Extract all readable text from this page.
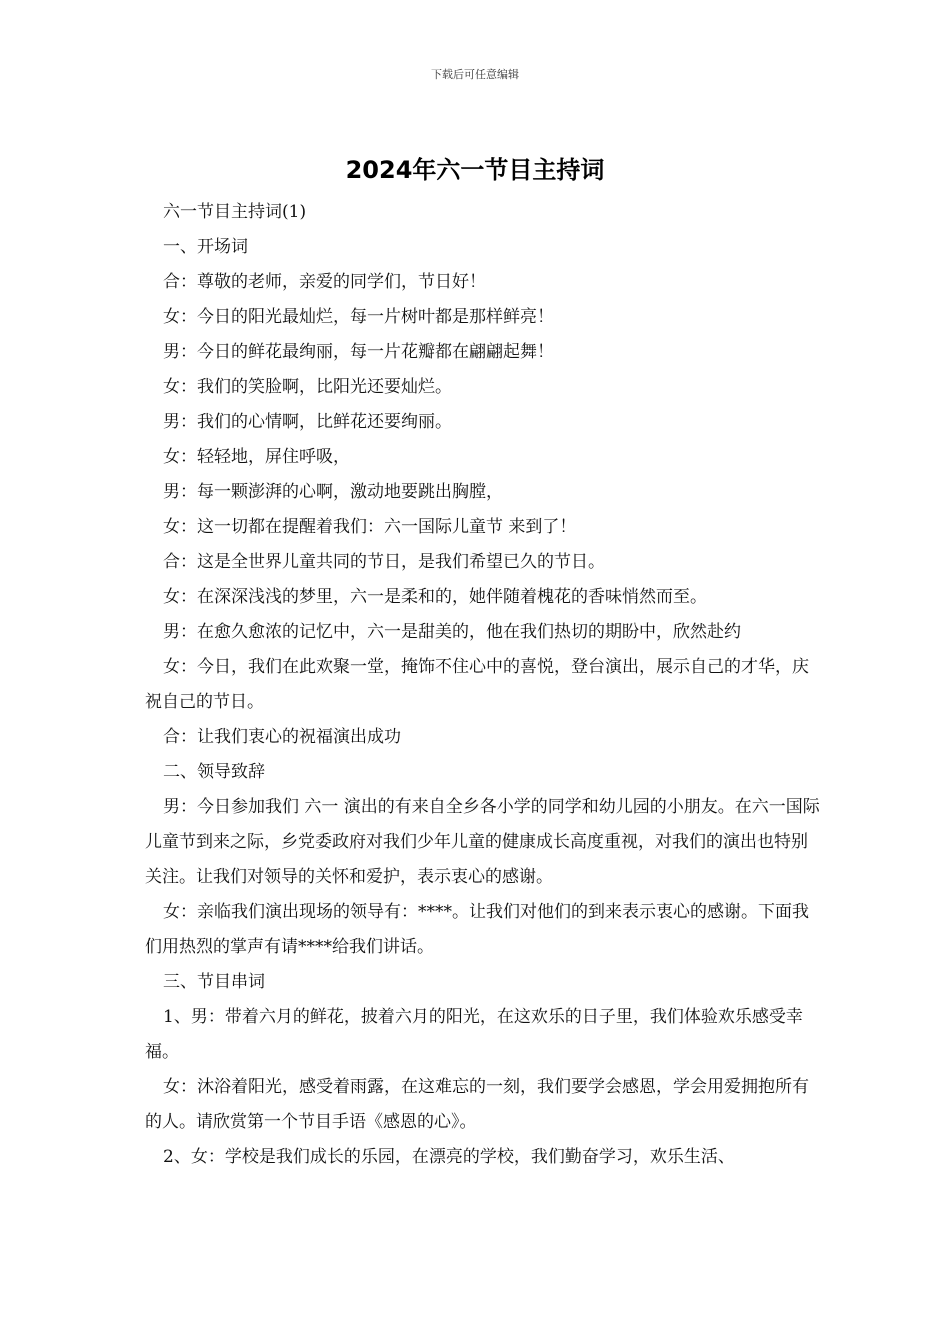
下载后可任意编辑
2024年六一节目主持词

六一节目主持词(1)

一、开场词

合：尊敬的老师，亲爱的同学们，节日好！

女：今日的阳光最灿烂，每一片树叶都是那样鲜亮！

男：今日的鲜花最绚丽，每一片花瓣都在翩翩起舞！

女：我们的笑脸啊，比阳光还要灿烂。

男：我们的心情啊，比鲜花还要绚丽。

女：轻轻地，屏住呼吸，

男：每一颗澎湃的心啊，激动地要跳出胸膛，

女：这一切都在提醒着我们：六一国际儿童节 来到了！

合：这是全世界儿童共同的节日，是我们希望已久的节日。

女：在深深浅浅的梦里，六一是柔和的，她伴随着槐花的香味悄然而至。

男：在愈久愈浓的记忆中，六一是甜美的，他在我们热切的期盼中，欣然赴约

女：今日，我们在此欢聚一堂，掩饰不住心中的喜悦，登台演出，展示自己的才华，庆祝自己的节日。

合：让我们衷心的祝福演出成功

二、领导致辞

男：今日参加我们 六一 演出的有来自全乡各小学的同学和幼儿园的小朋友。在六一国际儿童节到来之际，乡党委政府对我们少年儿童的健康成长高度重视，对我们的演出也特别关注。让我们对领导的关怀和爱护，表示衷心的感谢。

女：亲临我们演出现场的领导有：****。让我们对他们的到来表示衷心的感谢。下面我们用热烈的掌声有请****给我们讲话。

三、节目串词

1、男：带着六月的鲜花，披着六月的阳光，在这欢乐的日子里，我们体验欢乐感受幸福。

女：沐浴着阳光，感受着雨露，在这难忘的一刻，我们要学会感恩，学会用爱拥抱所有的人。请欣赏第一个节目手语《感恩的心》。

2、女：学校是我们成长的乐园，在漂亮的学校，我们勤奋学习，欢乐生活、
